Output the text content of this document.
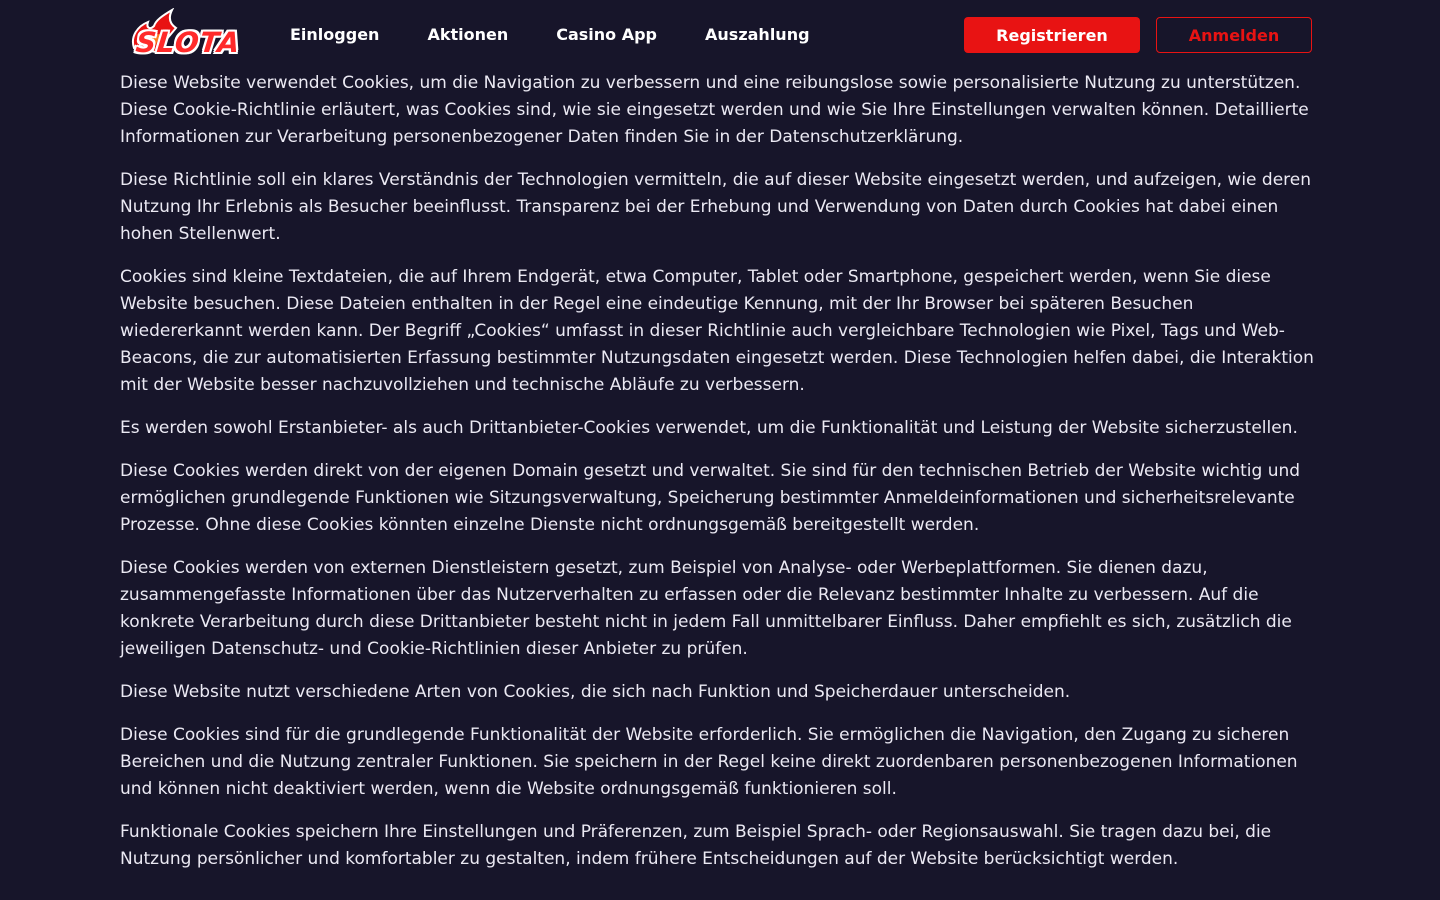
SLOTA	Einloggen	Aktionen	Casino App	Auszahlung	Registrieren	Anmelden

Diese Website verwendet Cookies, um die Navigation zu verbessern und eine reibungslose sowie personalisierte Nutzung zu unterstützen. Diese Cookie-Richtlinie erläutert, was Cookies sind, wie sie eingesetzt werden und wie Sie Ihre Einstellungen verwalten können. Detaillierte Informationen zur Verarbeitung personenbezogener Daten finden Sie in der Datenschutzerklärung.

Diese Richtlinie soll ein klares Verständnis der Technologien vermitteln, die auf dieser Website eingesetzt werden, und aufzeigen, wie deren Nutzung Ihr Erlebnis als Besucher beeinflusst. Transparenz bei der Erhebung und Verwendung von Daten durch Cookies hat dabei einen hohen Stellenwert.

Cookies sind kleine Textdateien, die auf Ihrem Endgerät, etwa Computer, Tablet oder Smartphone, gespeichert werden, wenn Sie diese Website besuchen. Diese Dateien enthalten in der Regel eine eindeutige Kennung, mit der Ihr Browser bei späteren Besuchen wiedererkannt werden kann. Der Begriff „Cookies“ umfasst in dieser Richtlinie auch vergleichbare Technologien wie Pixel, Tags und Web-Beacons, die zur automatisierten Erfassung bestimmter Nutzungsdaten eingesetzt werden. Diese Technologien helfen dabei, die Interaktion mit der Website besser nachzuvollziehen und technische Abläufe zu verbessern.

Es werden sowohl Erstanbieter- als auch Drittanbieter-Cookies verwendet, um die Funktionalität und Leistung der Website sicherzustellen.

Diese Cookies werden direkt von der eigenen Domain gesetzt und verwaltet. Sie sind für den technischen Betrieb der Website wichtig und ermöglichen grundlegende Funktionen wie Sitzungsverwaltung, Speicherung bestimmter Anmeldeinformationen und sicherheitsrelevante Prozesse. Ohne diese Cookies könnten einzelne Dienste nicht ordnungsgemäß bereitgestellt werden.

Diese Cookies werden von externen Dienstleistern gesetzt, zum Beispiel von Analyse- oder Werbeplattformen. Sie dienen dazu, zusammengefasste Informationen über das Nutzerverhalten zu erfassen oder die Relevanz bestimmter Inhalte zu verbessern. Auf die konkrete Verarbeitung durch diese Drittanbieter besteht nicht in jedem Fall unmittelbarer Einfluss. Daher empfiehlt es sich, zusätzlich die jeweiligen Datenschutz- und Cookie-Richtlinien dieser Anbieter zu prüfen.

Diese Website nutzt verschiedene Arten von Cookies, die sich nach Funktion und Speicherdauer unterscheiden.

Diese Cookies sind für die grundlegende Funktionalität der Website erforderlich. Sie ermöglichen die Navigation, den Zugang zu sicheren Bereichen und die Nutzung zentraler Funktionen. Sie speichern in der Regel keine direkt zuordenbaren personenbezogenen Informationen und können nicht deaktiviert werden, wenn die Website ordnungsgemäß funktionieren soll.

Funktionale Cookies speichern Ihre Einstellungen und Präferenzen, zum Beispiel Sprach- oder Regionsauswahl. Sie tragen dazu bei, die Nutzung persönlicher und komfortabler zu gestalten, indem frühere Entscheidungen auf der Website berücksichtigt werden.
